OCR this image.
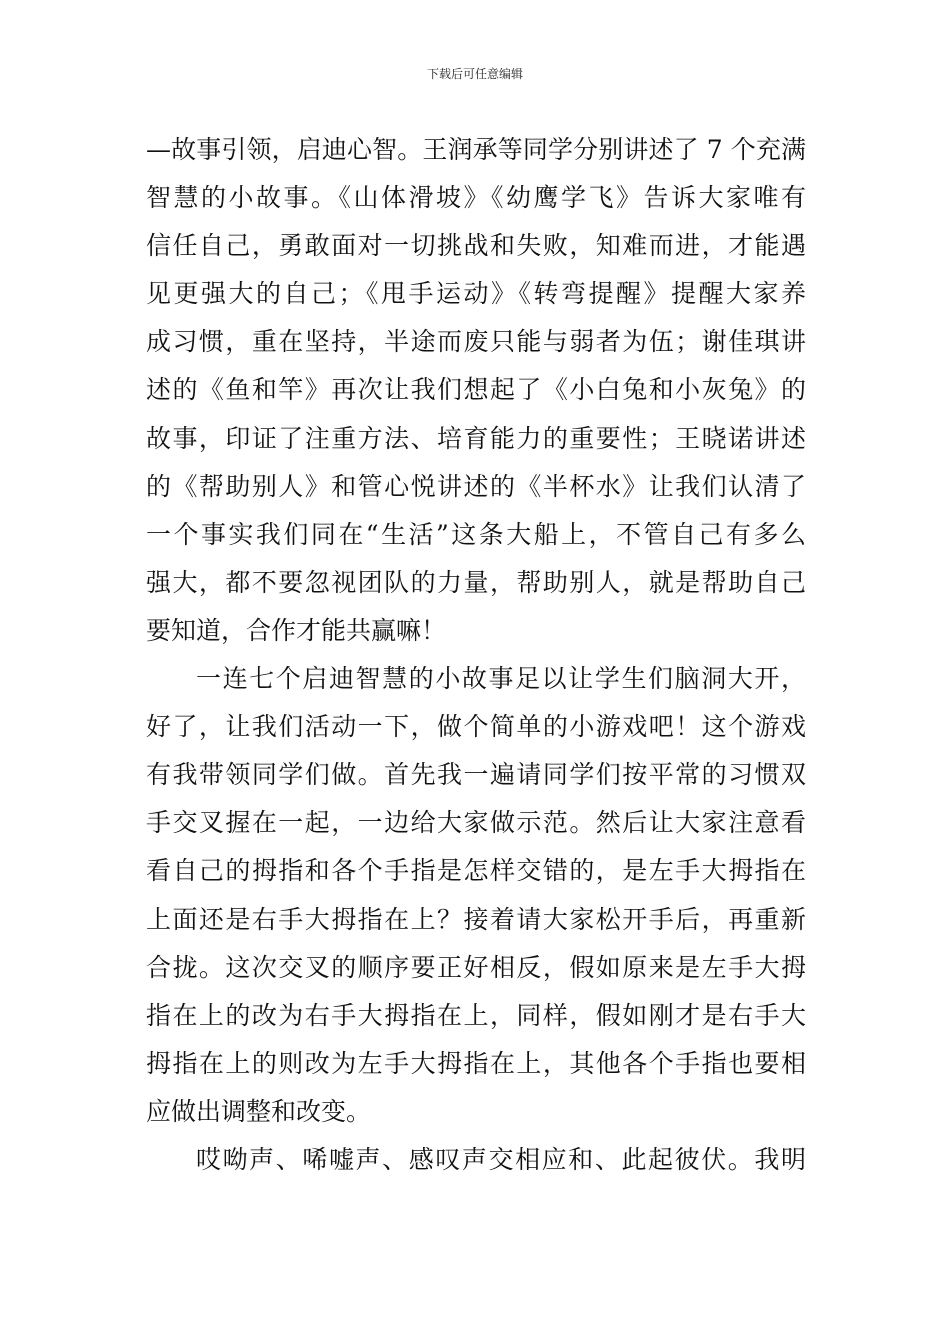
下载后可任意编辑
—故事引领，启迪心智。王润承等同学分别讲述了 7 个充满
智慧的小故事。《山体滑坡》《幼鹰学飞》告诉大家唯有
信任自己，勇敢面对一切挑战和失败，知难而进，才能遇
见更强大的自己；《甩手运动》《转弯提醒》提醒大家养
成习惯，重在坚持，半途而废只能与弱者为伍；谢佳琪讲
述的《鱼和竿》再次让我们想起了《小白兔和小灰兔》的
故事，印证了注重方法、培育能力的重要性；王晓诺讲述
的《帮助别人》和管心悦讲述的《半杯水》让我们认清了
一个事实我们同在“生活”这条大船上，不管自己有多么
强大，都不要忽视团队的力量，帮助别人，就是帮助自己
要知道，合作才能共赢嘛！
一连七个启迪智慧的小故事足以让学生们脑洞大开，
好了，让我们活动一下，做个简单的小游戏吧！这个游戏
有我带领同学们做。首先我一遍请同学们按平常的习惯双
手交叉握在一起，一边给大家做示范。然后让大家注意看
看自己的拇指和各个手指是怎样交错的，是左手大拇指在
上面还是右手大拇指在上？接着请大家松开手后，再重新
合拢。这次交叉的顺序要正好相反，假如原来是左手大拇
指在上的改为右手大拇指在上，同样，假如刚才是右手大
拇指在上的则改为左手大拇指在上，其他各个手指也要相
应做出调整和改变。
哎呦声、唏嘘声、感叹声交相应和、此起彼伏。我明
